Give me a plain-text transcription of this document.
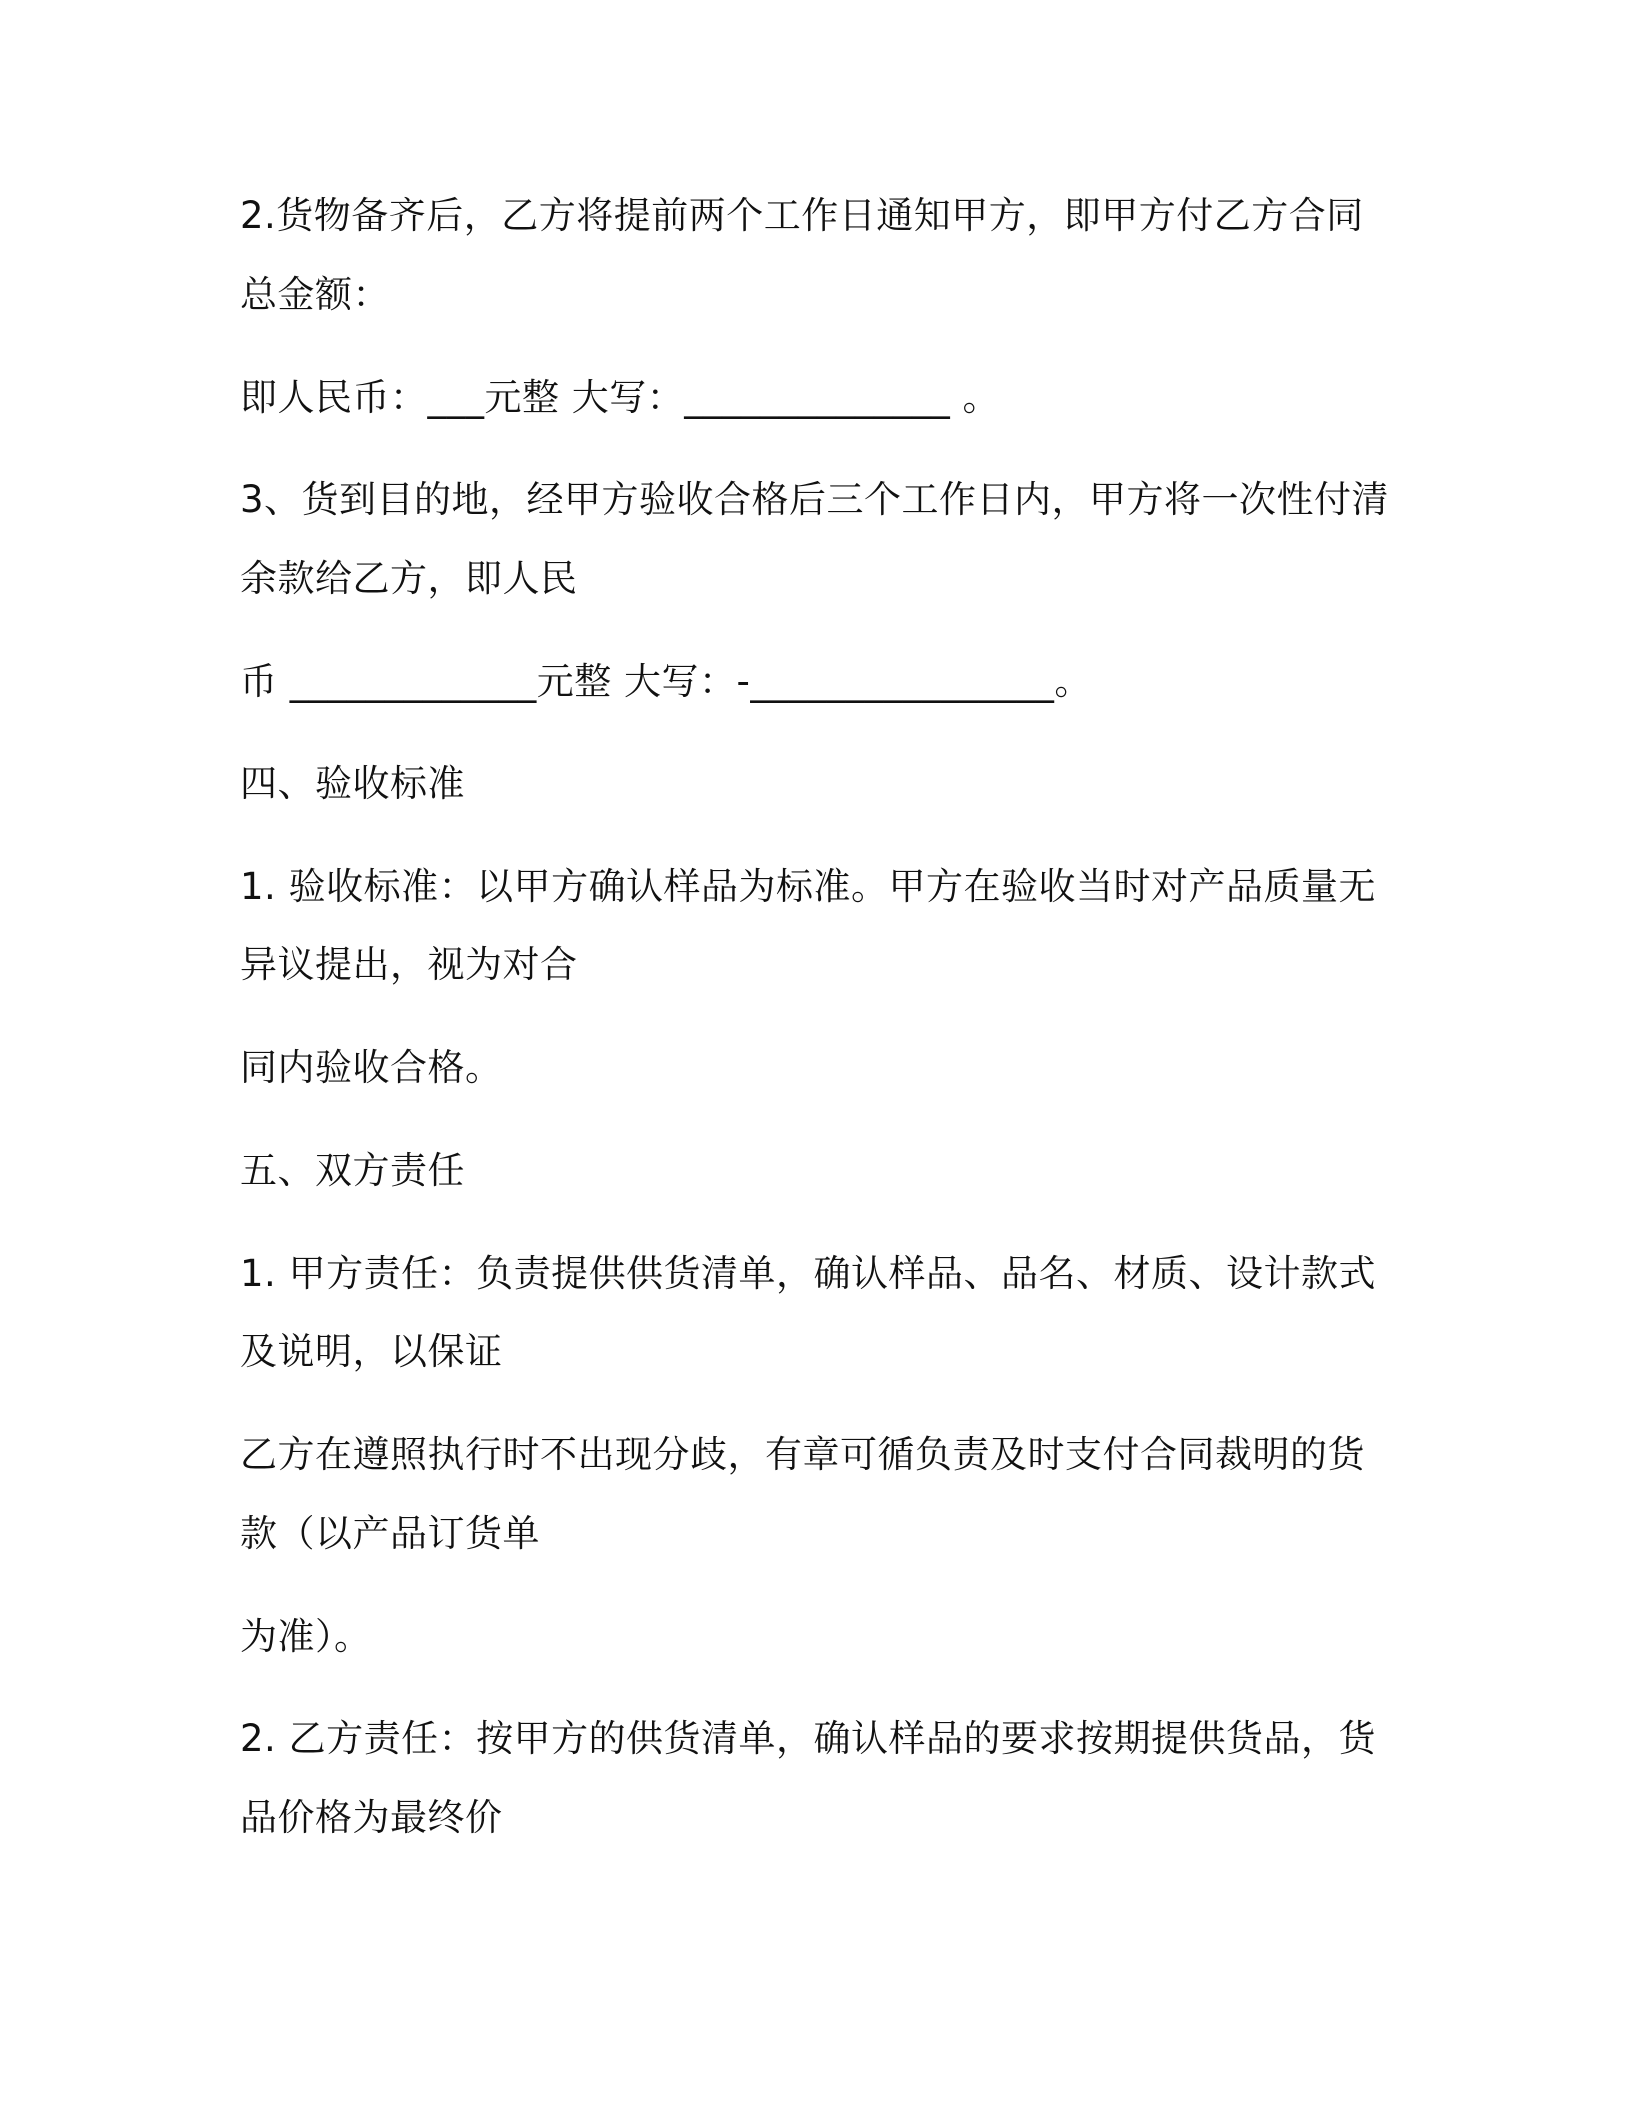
2.货物备齐后，乙方将提前两个工作日通知甲方，即甲方付乙方合同
总金额：
即人民币：___元整 大写：______________ 。
3、货到目的地，经甲方验收合格后三个工作日内，甲方将一次性付清
余款给乙方，即人民
币 _____________元整 大写：-________________。
四、验收标准
1. 验收标准：以甲方确认样品为标准。甲方在验收当时对产品质量无
异议提出，视为对合
同内验收合格。
五、双方责任
1. 甲方责任：负责提供供货清单，确认样品、品名、材质、设计款式
及说明，以保证
乙方在遵照执行时不出现分歧，有章可循负责及时支付合同裁明的货
款（以产品订货单
为准）。
2. 乙方责任：按甲方的供货清单，确认样品的要求按期提供货品，货
品价格为最终价
